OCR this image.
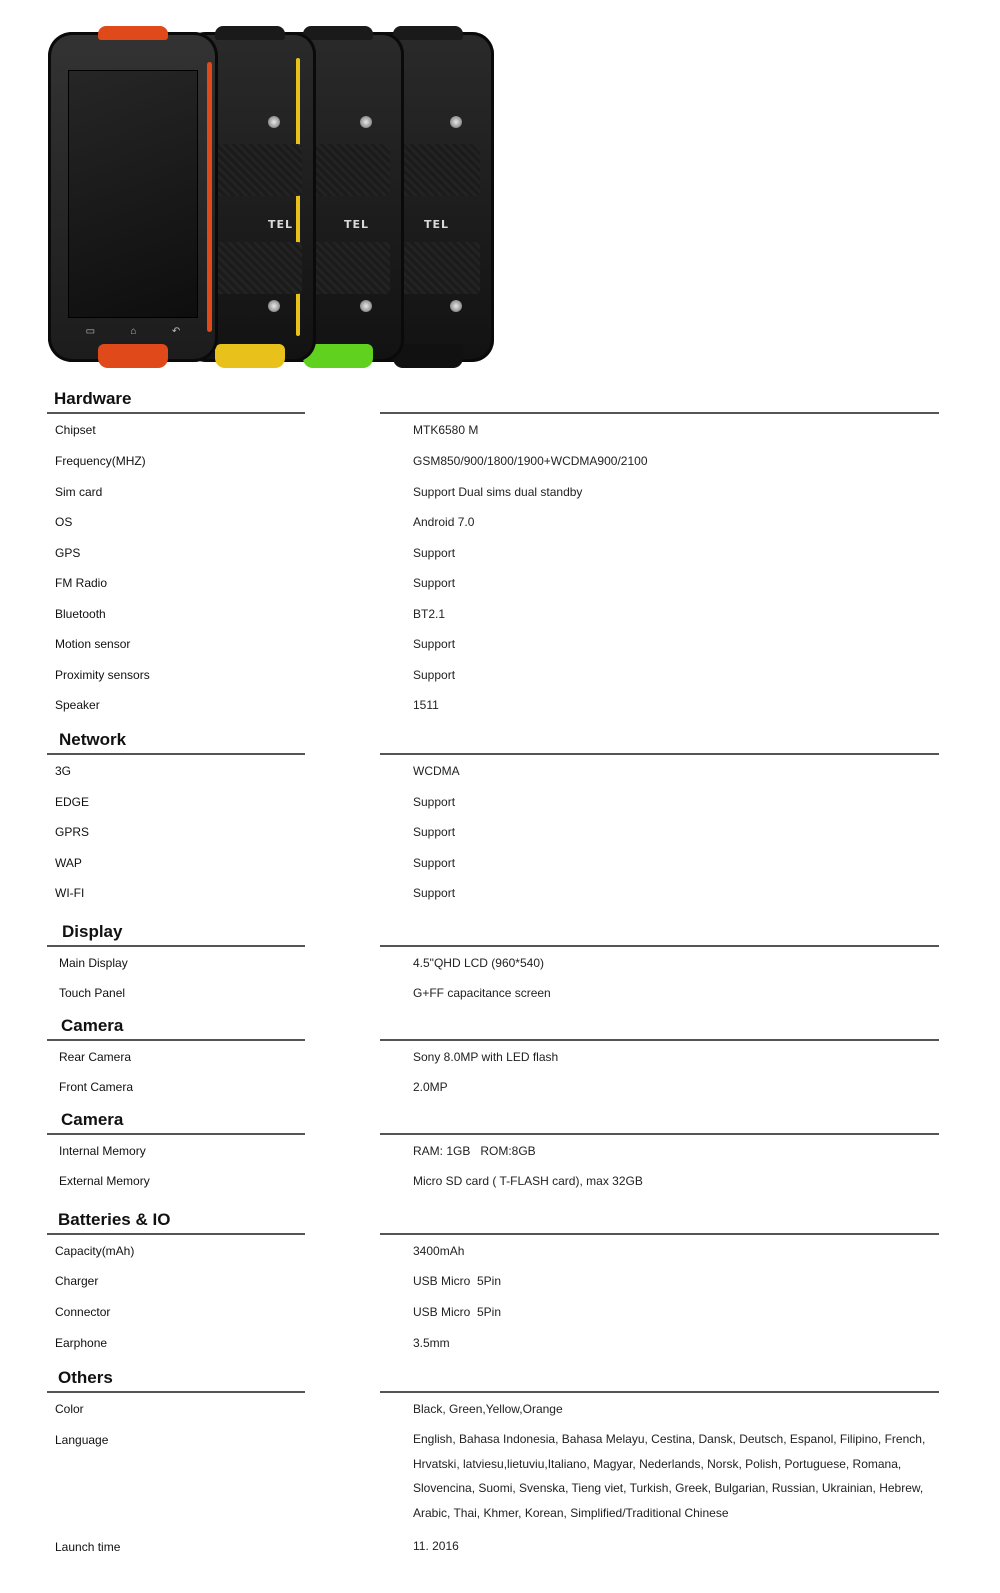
TEL
TEL
TEL
▭	⌂	↶
Hardware
Chipset	MTK6580 M
Frequency(MHZ)	GSM850/900/1800/1900+WCDMA900/2100
Sim card	Support Dual sims dual standby
OS	Android 7.0
GPS	Support
FM Radio	Support
Bluetooth	BT2.1
Motion sensor	Support
Proximity sensors	Support
Speaker	1511
Network
3G	WCDMA
EDGE	Support
GPRS	Support
WAP	Support
WI-FI	Support
Display
Main Display	4.5"QHD LCD (960*540)
Touch Panel	G+FF capacitance screen
Camera
Rear Camera	Sony 8.0MP with LED flash
Front Camera	2.0MP
Camera
Internal Memory	RAM: 1GB   ROM:8GB
External Memory	Micro SD card ( T-FLASH card), max 32GB
Batteries & IO
Capacity(mAh)	3400mAh
Charger	USB Micro  5Pin
Connector	USB Micro  5Pin
Earphone	3.5mm
Others
Color	Black, Green,Yellow,Orange
Language	English, Bahasa Indonesia, Bahasa Melayu, Cestina, Dansk, Deutsch, Espanol, Filipino, French, Hrvatski, latviesu,lietuviu,Italiano, Magyar, Nederlands, Norsk, Polish, Portuguese, Romana, Slovencina, Suomi, Svenska, Tieng viet, Turkish, Greek, Bulgarian, Russian, Ukrainian, Hebrew, Arabic, Thai, Khmer, Korean, Simplified/Traditional Chinese
Launch time	11. 2016
